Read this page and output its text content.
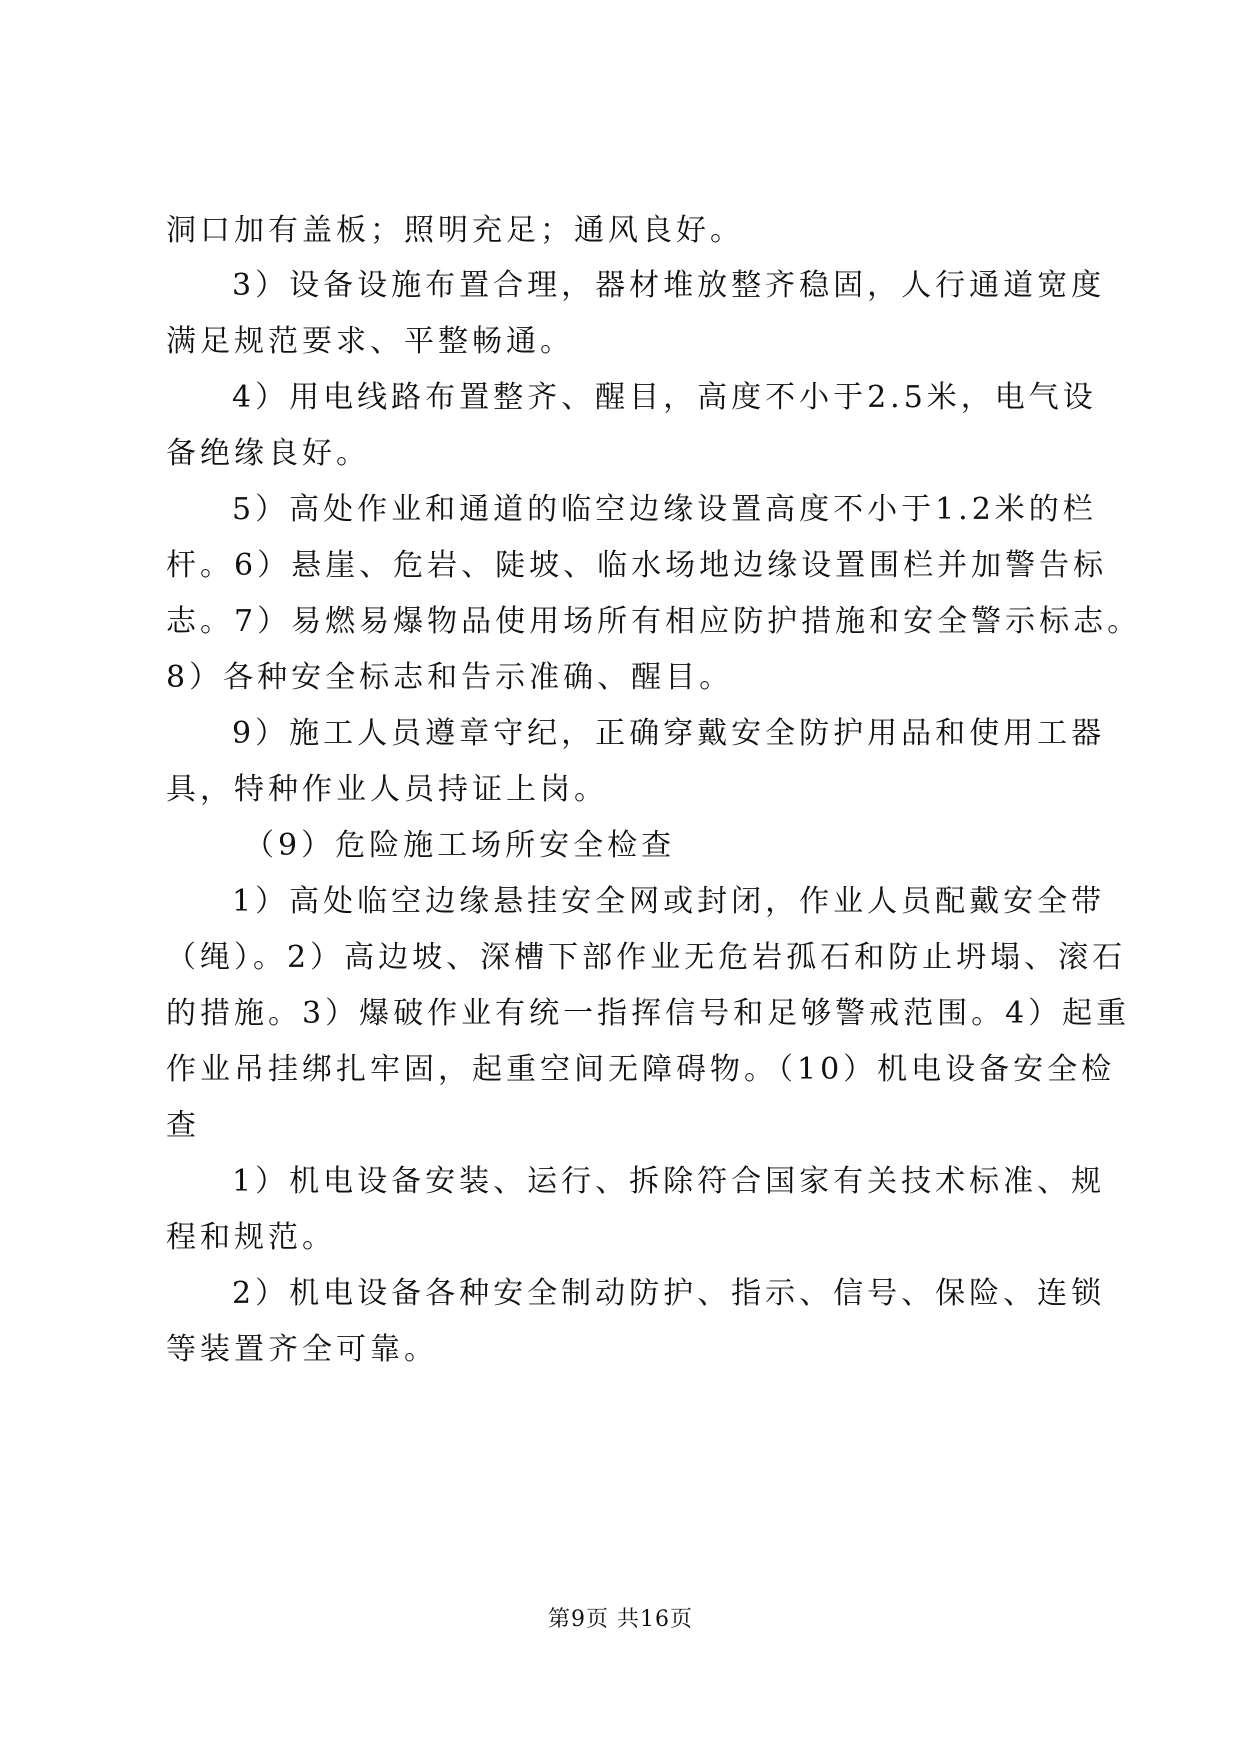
洞口加有盖板；照明充足；通风良好。
3）设备设施布置合理，器材堆放整齐稳固，人行通道宽度
满足规范要求、平整畅通。
4）用电线路布置整齐、醒目，高度不小于2.5米，电气设
备绝缘良好。
5）高处作业和通道的临空边缘设置高度不小于1.2米的栏
杆。6）悬崖、危岩、陡坡、临水场地边缘设置围栏并加警告标
志。7）易燃易爆物品使用场所有相应防护措施和安全警示标志。
8）各种安全标志和告示准确、醒目。
9）施工人员遵章守纪，正确穿戴安全防护用品和使用工器
具，特种作业人员持证上岗。
（9）危险施工场所安全检查
1）高处临空边缘悬挂安全网或封闭，作业人员配戴安全带
（绳）。2）高边坡、深槽下部作业无危岩孤石和防止坍塌、滚石
的措施。3）爆破作业有统一指挥信号和足够警戒范围。4）起重
作业吊挂绑扎牢固，起重空间无障碍物。（10）机电设备安全检
查
1）机电设备安装、运行、拆除符合国家有关技术标准、规
程和规范。
2）机电设备各种安全制动防护、指示、信号、保险、连锁
等装置齐全可靠。
第9页 共16页
